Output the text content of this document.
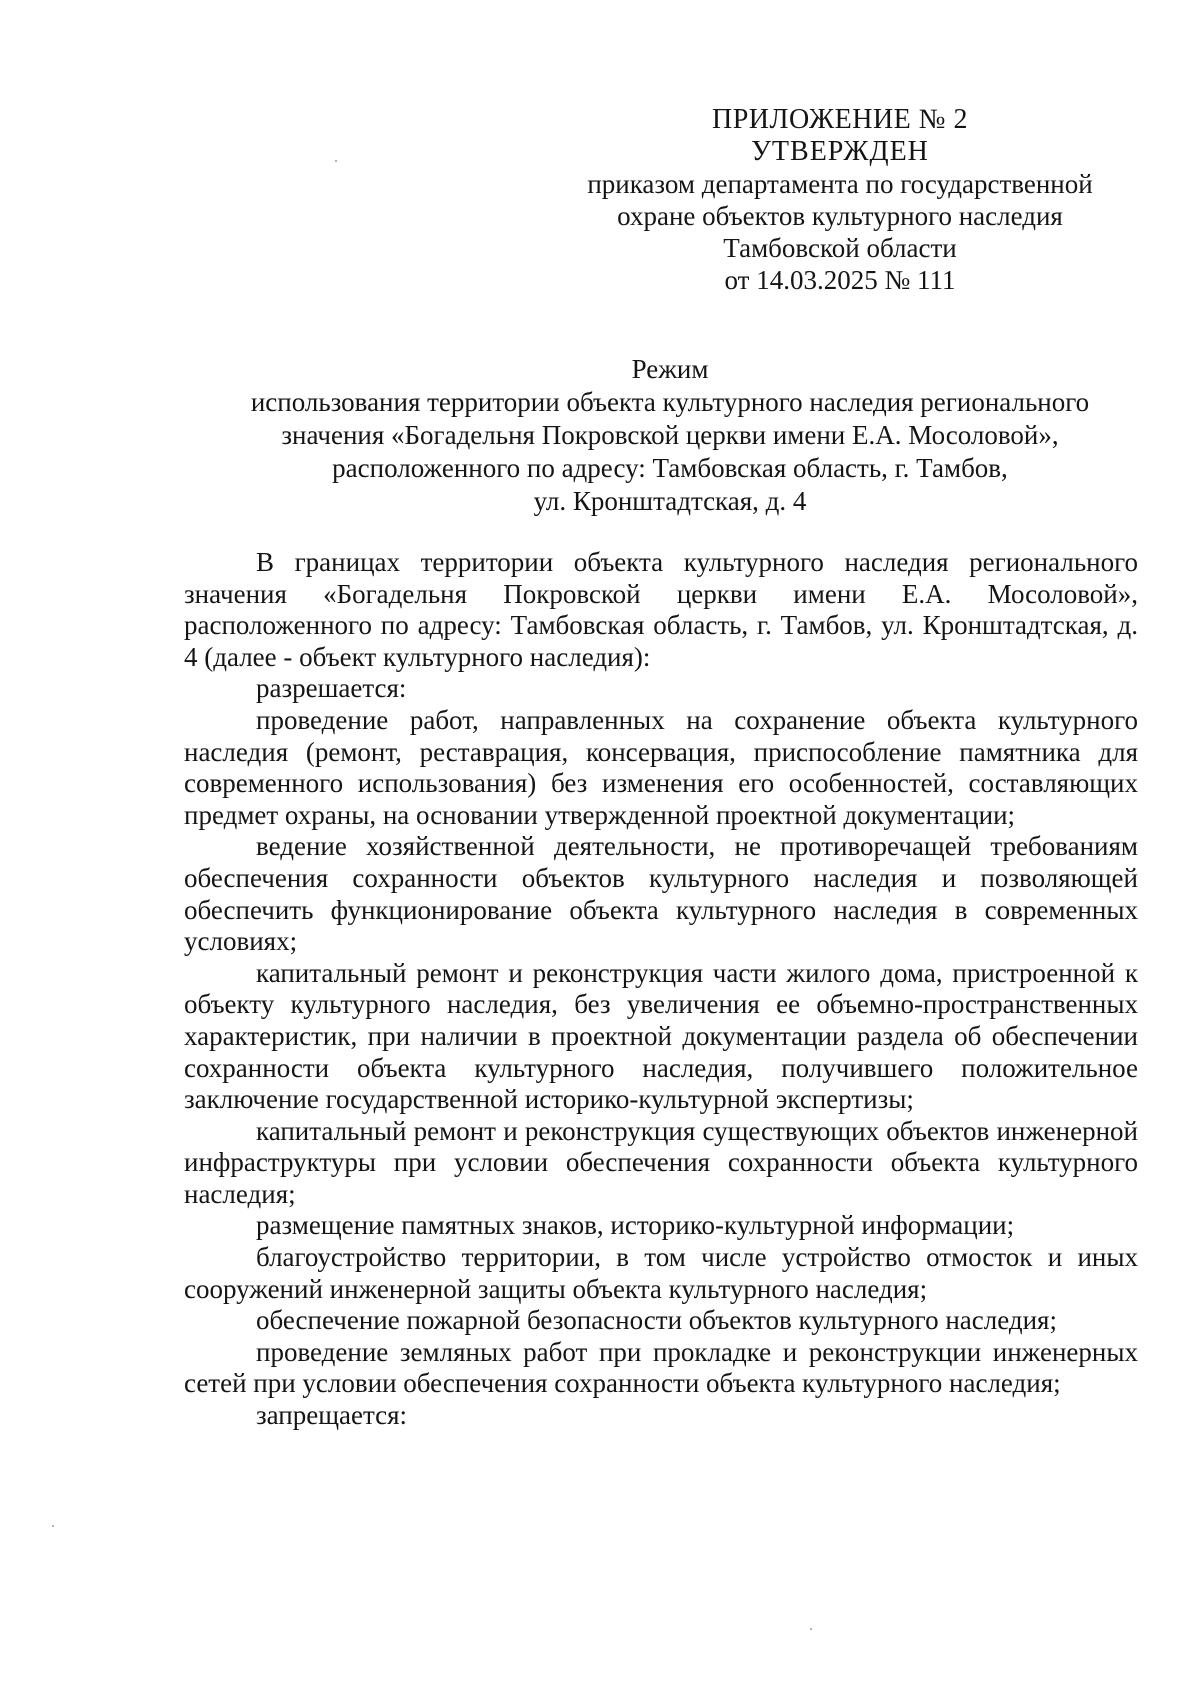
ПРИЛОЖЕНИЕ № 2
УТВЕРЖДЕН
приказом департамента по государственной
охране объектов культурного наследия
Тамбовской области
от 14.03.2025 № 111
Режим
использования территории объекта культурного наследия регионального
значения «Богадельня Покровской церкви имени Е.А. Мосоловой»,
расположенного по адресу: Тамбовская область, г. Тамбов,
ул. Кронштадтская, д. 4

В границах территории объекта культурного наследия регионального значения «Богадельня Покровской церкви имени Е.А. Мосоловой», расположенного по адресу: Тамбовская область, г. Тамбов, ул. Кронштадтская, д. 4 (далее - объект культурного наследия):

разрешается:

проведение работ, направленных на сохранение объекта культурного наследия (ремонт, реставрация, консервация, приспособление памятника для современного использования) без изменения его особенностей, составляющих предмет охраны, на основании утвержденной проектной документации;

ведение хозяйственной деятельности, не противоречащей требованиям обеспечения сохранности объектов культурного наследия и позволяющей обеспечить функционирование объекта культурного наследия в современных условиях;

капитальный ремонт и реконструкция части жилого дома, пристроенной к объекту культурного наследия, без увеличения ее объемно-пространственных характеристик, при наличии в проектной документации раздела об обеспечении сохранности объекта культурного наследия, получившего положительное заключение государственной историко-культурной экспертизы;

капитальный ремонт и реконструкция существующих объектов инженерной инфраструктуры при условии обеспечения сохранности объекта культурного наследия;

размещение памятных знаков, историко-культурной информации;

благоустройство территории, в том числе устройство отмосток и иных сооружений инженерной защиты объекта культурного наследия;

обеспечение пожарной безопасности объектов культурного наследия;

проведение земляных работ при прокладке и реконструкции инженерных сетей при условии обеспечения сохранности объекта культурного наследия;

запрещается:
